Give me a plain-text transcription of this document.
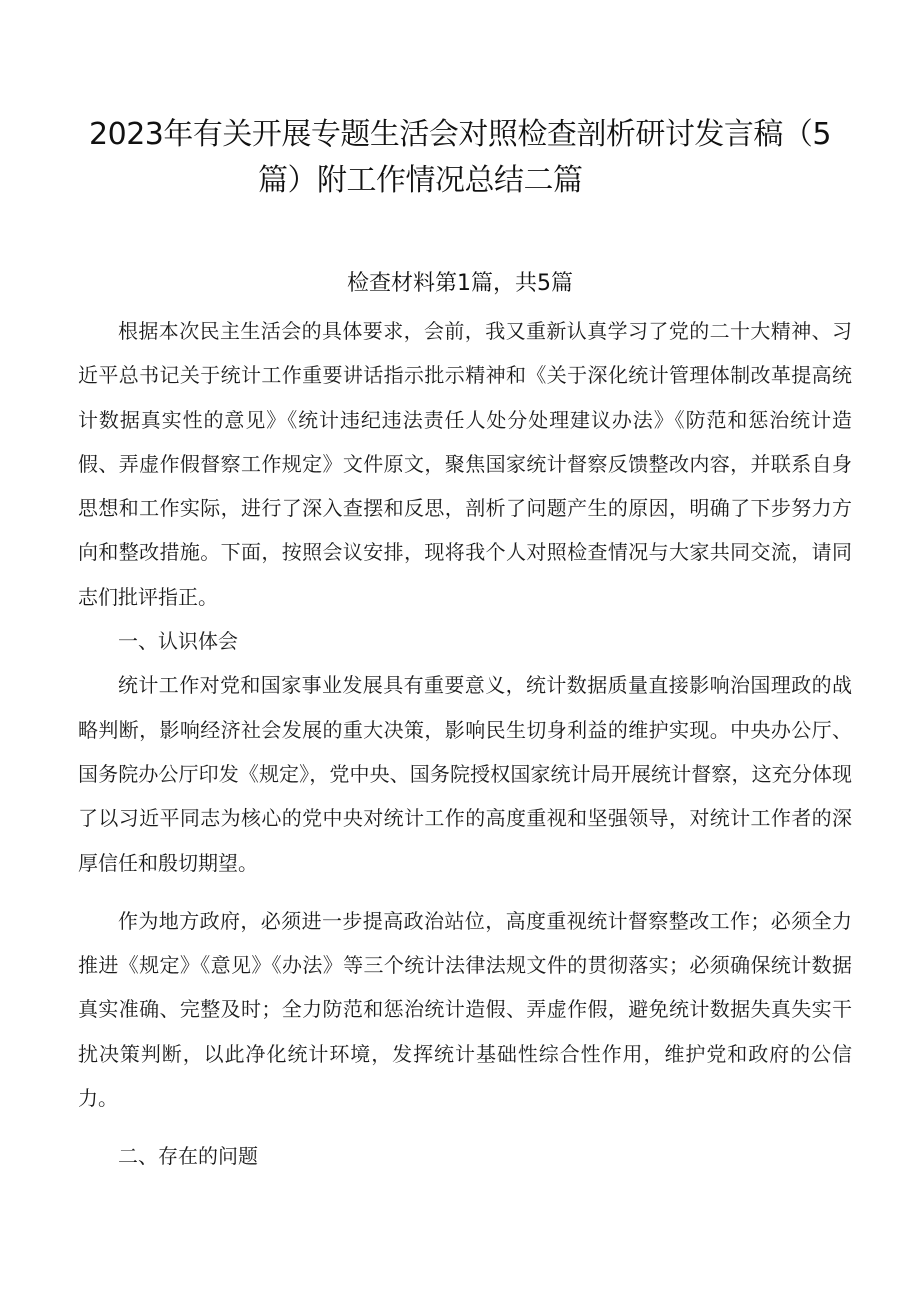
2023年有关开展专题生活会对照检查剖析研讨发言稿（5
篇）附工作情况总结二篇
检查材料第1篇，共5篇

根据本次民主生活会的具体要求，会前，我又重新认真学习了党的二十大精神、习近平总书记关于统计工作重要讲话指示批示精神和《关于深化统计管理体制改革提高统计数据真实性的意见》《统计违纪违法责任人处分处理建议办法》《防范和惩治统计造假、弄虚作假督察工作规定》文件原文，聚焦国家统计督察反馈整改内容，并联系自身思想和工作实际，进行了深入查摆和反思，剖析了问题产生的原因，明确了下步努力方向和整改措施。下面，按照会议安排，现将我个人对照检查情况与大家共同交流，请同志们批评指正。

一、认识体会

统计工作对党和国家事业发展具有重要意义，统计数据质量直接影响治国理政的战略判断，影响经济社会发展的重大决策，影响民生切身利益的维护实现。中央办公厅、国务院办公厅印发《规定》，党中央、国务院授权国家统计局开展统计督察，这充分体现了以习近平同志为核心的党中央对统计工作的高度重视和坚强领导，对统计工作者的深厚信任和殷切期望。

作为地方政府，必须进一步提高政治站位，高度重视统计督察整改工作；必须全力推进《规定》《意见》《办法》等三个统计法律法规文件的贯彻落实；必须确保统计数据真实准确、完整及时；全力防范和惩治统计造假、弄虚作假，避免统计数据失真失实干扰决策判断，以此净化统计环境，发挥统计基础性综合性作用，维护党和政府的公信力。

二、存在的问题
